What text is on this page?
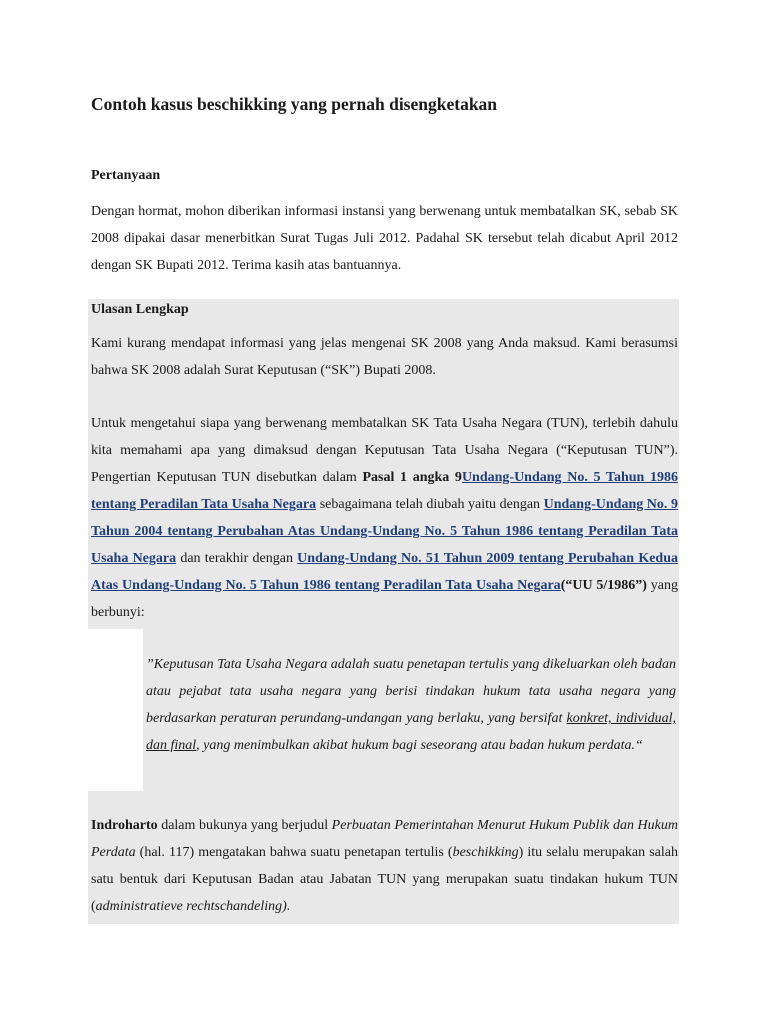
Contoh kasus beschikking yang pernah disengketakan
Pertanyaan

Dengan hormat, mohon diberikan informasi instansi yang berwenang untuk membatalkan SK, sebab SK 2008 dipakai dasar menerbitkan Surat Tugas Juli 2012. Padahal SK tersebut telah dicabut April 2012 dengan SK Bupati 2012. Terima kasih atas bantuannya.

Ulasan Lengkap

Kami kurang mendapat informasi yang jelas mengenai SK 2008 yang Anda maksud. Kami berasumsi bahwa SK 2008 adalah Surat Keputusan (“SK”) Bupati 2008.

Untuk mengetahui siapa yang berwenang membatalkan SK Tata Usaha Negara (TUN), terlebih dahulu kita memahami apa yang dimaksud dengan Keputusan Tata Usaha Negara (“Keputusan TUN”). Pengertian Keputusan TUN disebutkan dalam Pasal 1 angka 9Undang-Undang No. 5 Tahun 1986 tentang Peradilan Tata Usaha Negara sebagaimana telah diubah yaitu dengan Undang-Undang No. 9 Tahun 2004 tentang Perubahan Atas Undang-Undang No. 5 Tahun 1986 tentang Peradilan Tata Usaha Negara dan terakhir dengan Undang-Undang No. 51 Tahun 2009 tentang Perubahan Kedua Atas Undang-Undang No. 5 Tahun 1986 tentang Peradilan Tata Usaha Negara(“UU 5/1986”) yang berbunyi:

”Keputusan Tata Usaha Negara adalah suatu penetapan tertulis yang dikeluarkan oleh badan atau pejabat tata usaha negara yang berisi tindakan hukum tata usaha negara yang berdasarkan peraturan perundang-undangan yang berlaku, yang bersifat konkret, individual, dan final, yang menimbulkan akibat hukum bagi seseorang atau badan hukum perdata.“

Indroharto dalam bukunya yang berjudul Perbuatan Pemerintahan Menurut Hukum Publik dan Hukum Perdata (hal. 117) mengatakan bahwa suatu penetapan tertulis (beschikking) itu selalu merupakan salah satu bentuk dari Keputusan Badan atau Jabatan TUN yang merupakan suatu tindakan hukum TUN (administratieve rechtschandeling).
